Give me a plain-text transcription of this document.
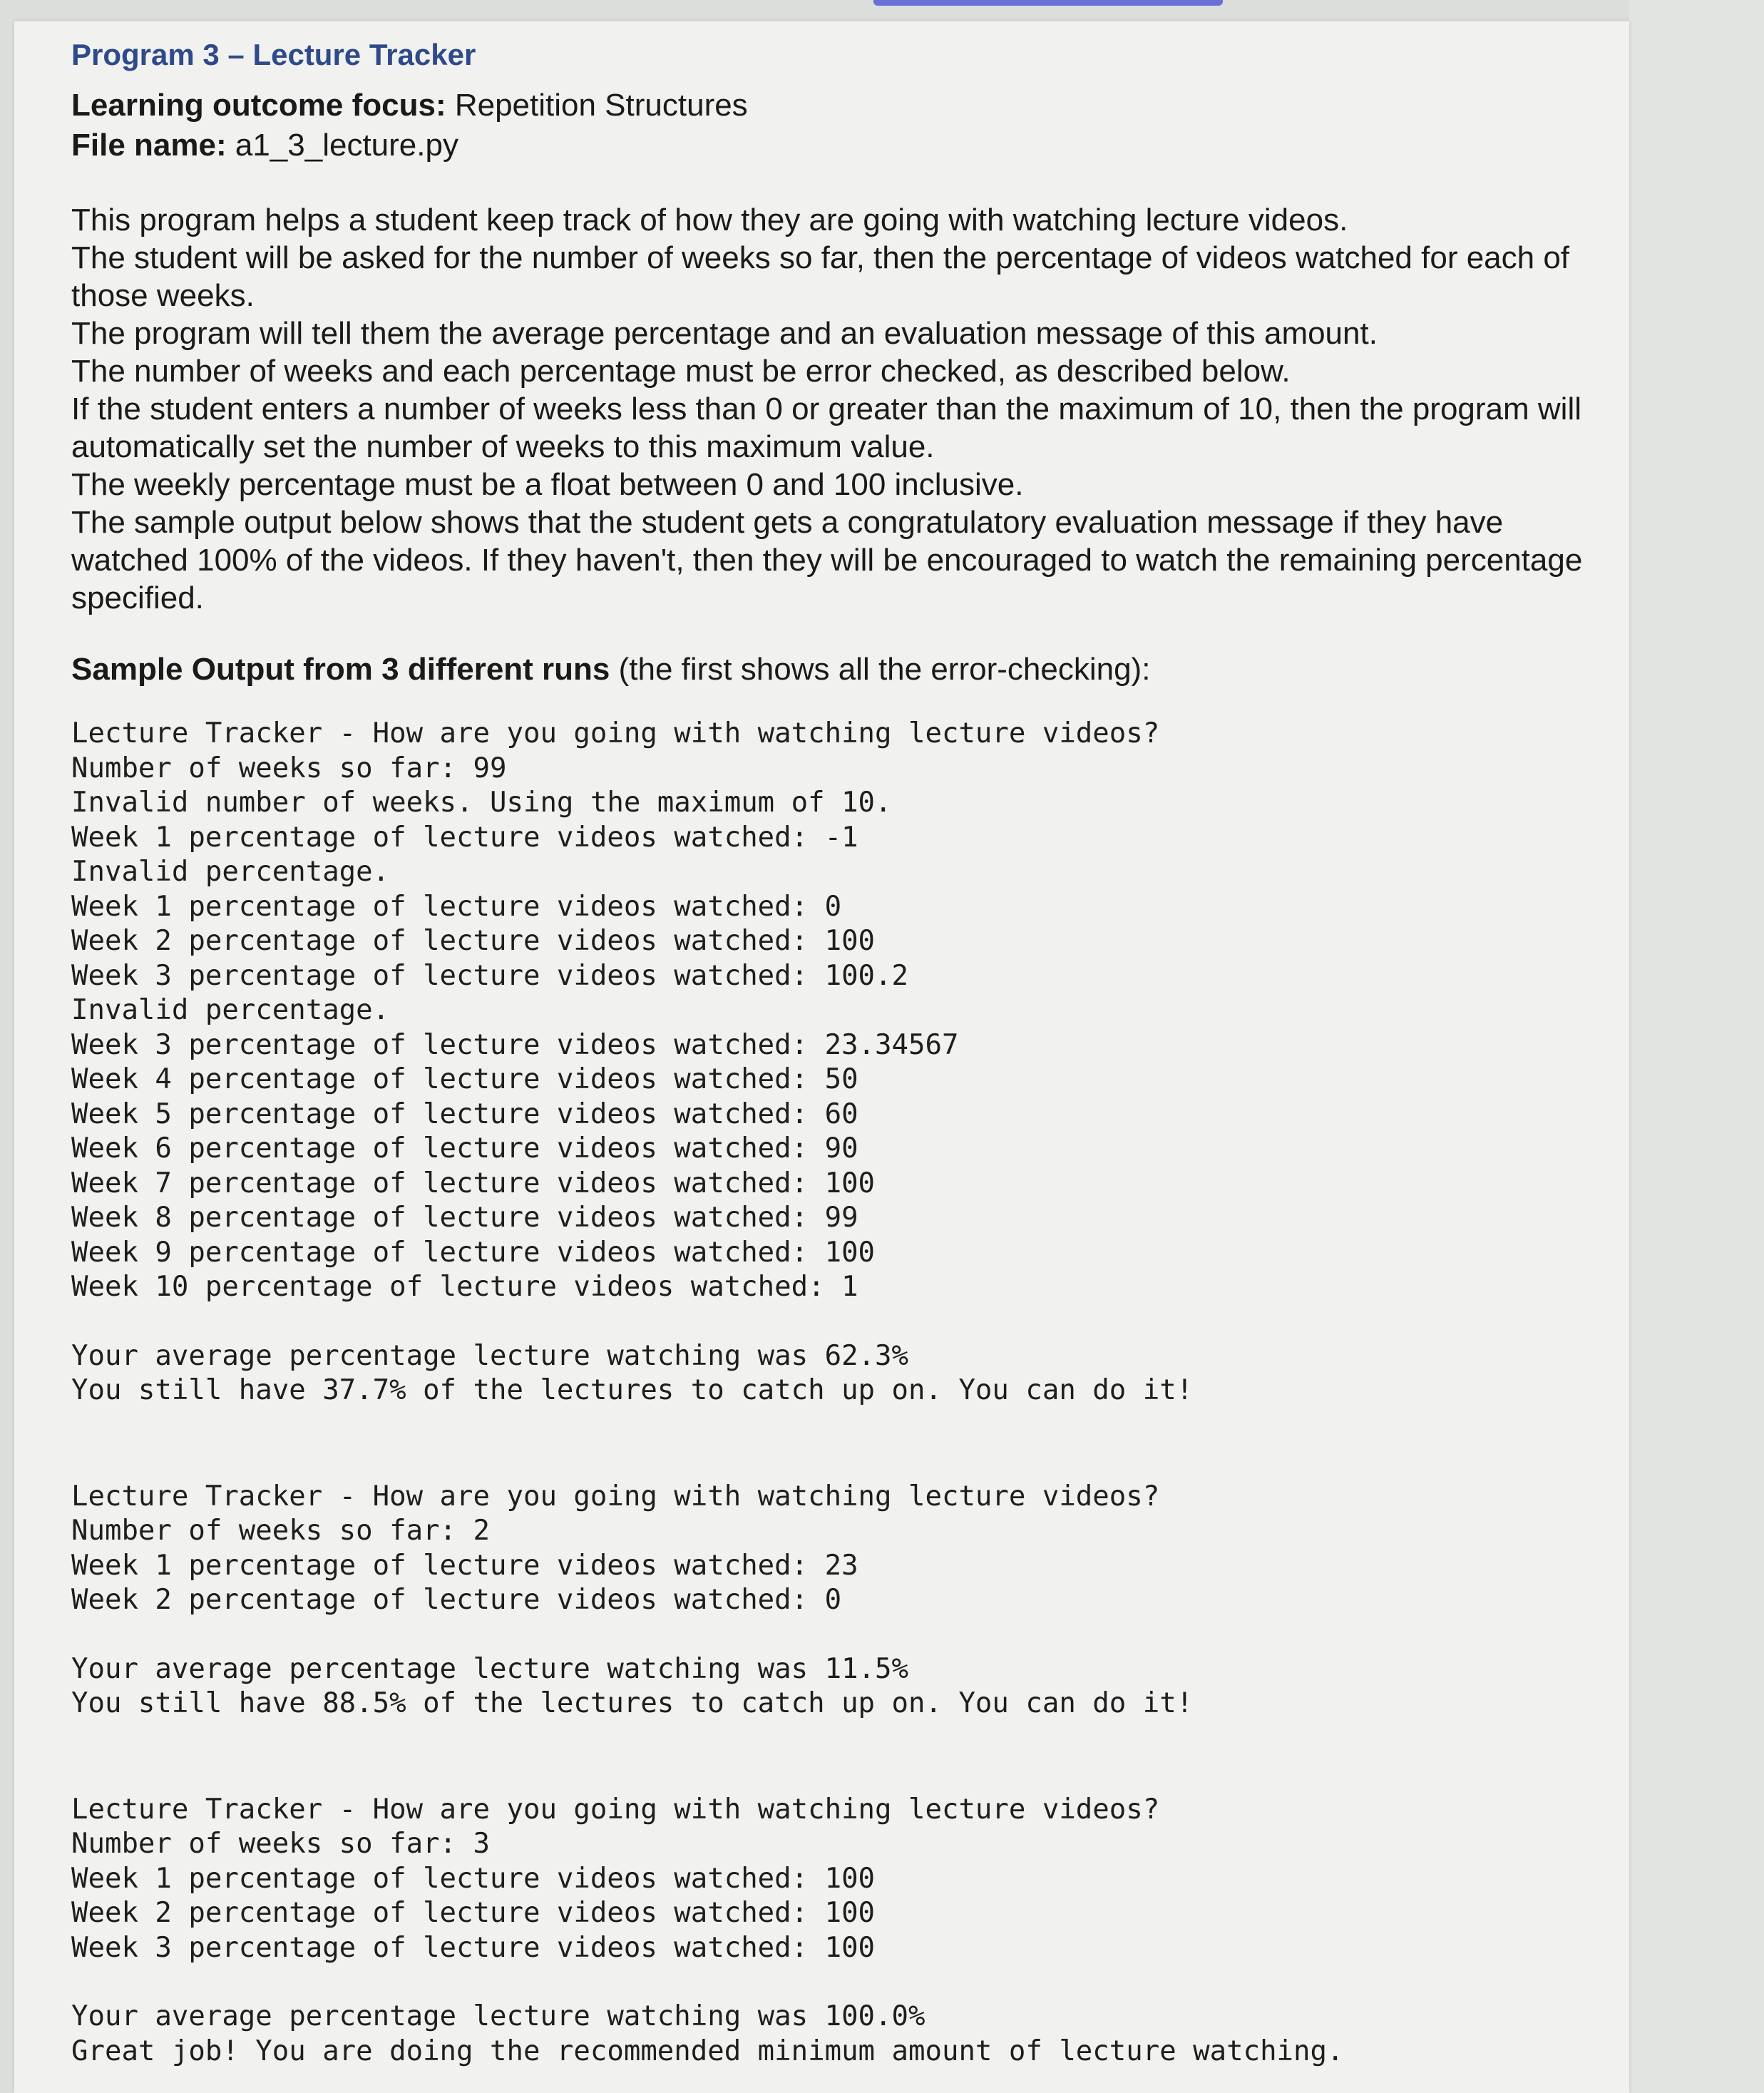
Program 3 – Lecture Tracker

Learning outcome focus: Repetition Structures

File name: a1_3_lecture.py

This program helps a student keep track of how they are going with watching lecture videos.

The student will be asked for the number of weeks so far, then the percentage of videos watched for each of those weeks.

The program will tell them the average percentage and an evaluation message of this amount.

The number of weeks and each percentage must be error checked, as described below.

If the student enters a number of weeks less than 0 or greater than the maximum of 10, then the program will automatically set the number of weeks to this maximum value.

The weekly percentage must be a float between 0 and 100 inclusive.

The sample output below shows that the student gets a congratulatory evaluation message if they have watched 100% of the videos. If they haven't, then they will be encouraged to watch the remaining percentage specified.

Sample Output from 3 different runs (the first shows all the error-checking):

Lecture Tracker - How are you going with watching lecture videos?
Number of weeks so far: 99
Invalid number of weeks. Using the maximum of 10.
Week 1 percentage of lecture videos watched: -1
Invalid percentage.
Week 1 percentage of lecture videos watched: 0
Week 2 percentage of lecture videos watched: 100
Week 3 percentage of lecture videos watched: 100.2
Invalid percentage.
Week 3 percentage of lecture videos watched: 23.34567
Week 4 percentage of lecture videos watched: 50
Week 5 percentage of lecture videos watched: 60
Week 6 percentage of lecture videos watched: 90
Week 7 percentage of lecture videos watched: 100
Week 8 percentage of lecture videos watched: 99
Week 9 percentage of lecture videos watched: 100
Week 10 percentage of lecture videos watched: 1
Your average percentage lecture watching was 62.3%
You still have 37.7% of the lectures to catch up on. You can do it!
Lecture Tracker - How are you going with watching lecture videos?
Number of weeks so far: 2
Week 1 percentage of lecture videos watched: 23
Week 2 percentage of lecture videos watched: 0
Your average percentage lecture watching was 11.5%
You still have 88.5% of the lectures to catch up on. You can do it!
Lecture Tracker - How are you going with watching lecture videos?
Number of weeks so far: 3
Week 1 percentage of lecture videos watched: 100
Week 2 percentage of lecture videos watched: 100
Week 3 percentage of lecture videos watched: 100
Your average percentage lecture watching was 100.0%
Great job! You are doing the recommended minimum amount of lecture watching.
